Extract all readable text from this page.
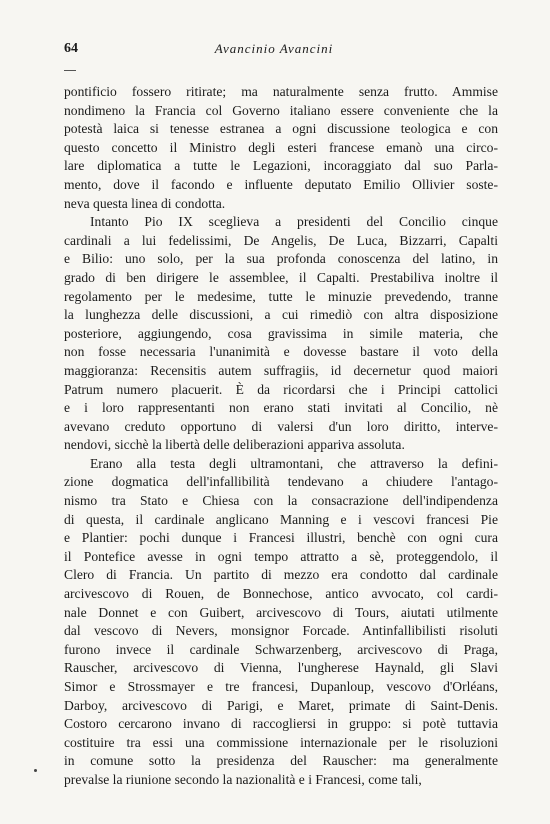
64	Avancinio Avancini
pontificio fossero ritirate; ma naturalmente senza frutto. Ammise
nondimeno la Francia col Governo italiano essere conveniente che la
potestà laica si tenesse estranea a ogni discussione teologica e con
questo concetto il Ministro degli esteri francese emanò una circo-
lare diplomatica a tutte le Legazioni, incoraggiato dal suo Parla-
mento, dove il facondo e influente deputato Emilio Ollivier soste-
neva questa linea di condotta.
Intanto Pio IX sceglieva a presidenti del Concilio cinque
cardinali a lui fedelissimi, De Angelis, De Luca, Bizzarri, Capalti
e Bilio: uno solo, per la sua profonda conoscenza del latino, in
grado di ben dirigere le assemblee, il Capalti. Prestabiliva inoltre il
regolamento per le medesime, tutte le minuzie prevedendo, tranne
la lunghezza delle discussioni, a cui rimediò con altra disposizione
posteriore, aggiungendo, cosa gravissima in simile materia, che
non fosse necessaria l'unanimità e dovesse bastare il voto della
maggioranza: Recensitis autem suffragiis, id decernetur quod maiori
Patrum numero placuerit. È da ricordarsi che i Principi cattolici
e i loro rappresentanti non erano stati invitati al Concilio, nè
avevano creduto opportuno di valersi d'un loro diritto, interve-
nendovi, sicchè la libertà delle deliberazioni appariva assoluta.
Erano alla testa degli ultramontani, che attraverso la defini-
zione dogmatica dell'infallibilità tendevano a chiudere l'antago-
nismo tra Stato e Chiesa con la consacrazione dell'indipendenza
di questa, il cardinale anglicano Manning e i vescovi francesi Pie
e Plantier: pochi dunque i Francesi illustri, benchè con ogni cura
il Pontefice avesse in ogni tempo attratto a sè, proteggendolo, il
Clero di Francia. Un partito di mezzo era condotto dal cardinale
arcivescovo di Rouen, de Bonnechose, antico avvocato, col cardi-
nale Donnet e con Guibert, arcivescovo di Tours, aiutati utilmente
dal vescovo di Nevers, monsignor Forcade. Antinfallibilisti risoluti
furono invece il cardinale Schwarzenberg, arcivescovo di Praga,
Rauscher, arcivescovo di Vienna, l'ungherese Haynald, gli Slavi
Simor e Strossmayer e tre francesi, Dupanloup, vescovo d'Orléans,
Darboy, arcivescovo di Parigi, e Maret, primate di Saint-Denis.
Costoro cercarono invano di raccogliersi in gruppo: si potè tuttavia
costituire tra essi una commissione internazionale per le risoluzioni
in comune sotto la presidenza del Rauscher: ma generalmente
prevalse la riunione secondo la nazionalità e i Francesi, come tali,
